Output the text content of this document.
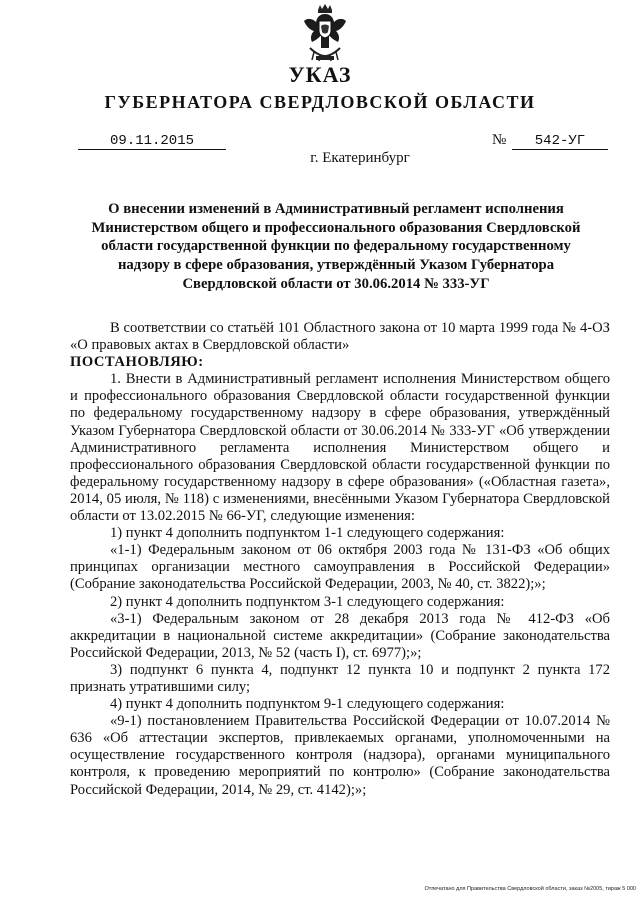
УКАЗ
ГУБЕРНАТОРА СВЕРДЛОВСКОЙ ОБЛАСТИ
09.11.2015	№	542-УГ
г. Екатеринбург
О внесении изменений в Административный регламент исполнения
Министерством общего и профессионального образования Свердловской
области государственной функции по федеральному государственному
надзору в сфере образования, утверждённый Указом Губернатора
Свердловской области от 30.06.2014 № 333-УГ

В соответствии со статьёй 101 Областного закона от 10 марта 1999 года № 4-ОЗ «О правовых актах в Свердловской области»

ПОСТАНОВЛЯЮ:

1. Внести в Административный регламент исполнения Министерством общего и профессионального образования Свердловской области государственной функции по федеральному государственному надзору в сфере образования, утверждённый Указом Губернатора Свердловской области от 30.06.2014 № 333-УГ «Об утверждении Административного регламента исполнения Министерством общего и профессионального образования Свердловской области государственной функции по федеральному государственному надзору в сфере образования» («Областная газета», 2014, 05 июля, № 118) с изменениями, внесёнными Указом Губернатора Свердловской области от 13.02.2015 № 66-УГ, следующие изменения:

1) пункт 4 дополнить подпунктом 1-1 следующего содержания:

«1-1) Федеральным законом от 06 октября 2003 года № 131-ФЗ «Об общих принципах организации местного самоуправления в Российской Федерации» (Собрание законодательства Российской Федерации, 2003, № 40, ст. 3822);»;

2) пункт 4 дополнить подпунктом 3-1 следующего содержания:

«3-1) Федеральным законом от 28 декабря 2013 года № 412-ФЗ «Об аккредитации в национальной системе аккредитации» (Собрание законодательства Российской Федерации, 2013, № 52 (часть I), ст. 6977);»;

3) подпункт 6 пункта 4, подпункт 12 пункта 10 и подпункт 2 пункта 172 признать утратившими силу;

4) пункт 4 дополнить подпунктом 9-1 следующего содержания:

«9-1) постановлением Правительства Российской Федерации от 10.07.2014 № 636 «Об аттестации экспертов, привлекаемых органами, уполномоченными на осуществление государственного контроля (надзора), органами муниципального контроля, к проведению мероприятий по контролю» (Собрание законодательства Российской Федерации, 2014, № 29, ст. 4142);»;

Отпечатано для Правительства Свердловской области, заказ №2005, тираж 5 000
